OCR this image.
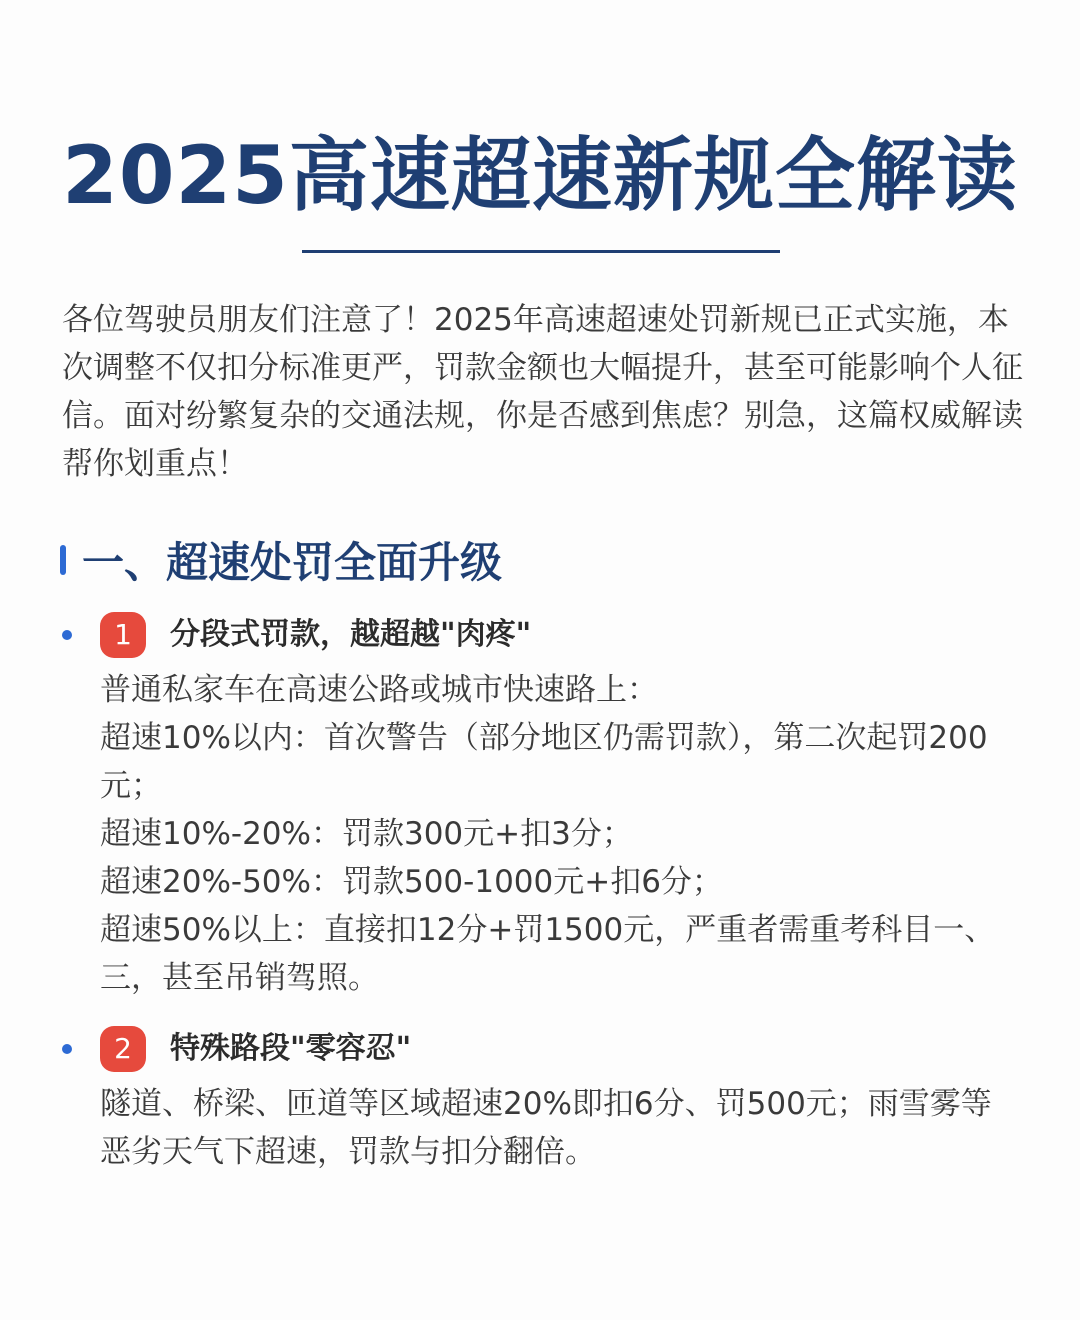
2025高速超速新规全解读
各位驾驶员朋友们注意了！2025年高速超速处罚新规已正式实施，本次调整不仅扣分标准更严，罚款金额也大幅提升，甚至可能影响个人征信。面对纷繁复杂的交通法规，你是否感到焦虑？别急，这篇权威解读帮你划重点！
一、超速处罚全面升级
1	分段式罚款，越超越"肉疼"
普通私家车在高速公路或城市快速路上：
超速10%以内：首次警告（部分地区仍需罚款），第二次起罚200元；
超速10%-20%：罚款300元+扣3分；
超速20%-50%：罚款500-1000元+扣6分；
超速50%以上：直接扣12分+罚1500元，严重者需重考科目一、三，甚至吊销驾照。
2	特殊路段"零容忍"
隧道、桥梁、匝道等区域超速20%即扣6分、罚500元；雨雪雾等恶劣天气下超速，罚款与扣分翻倍。
